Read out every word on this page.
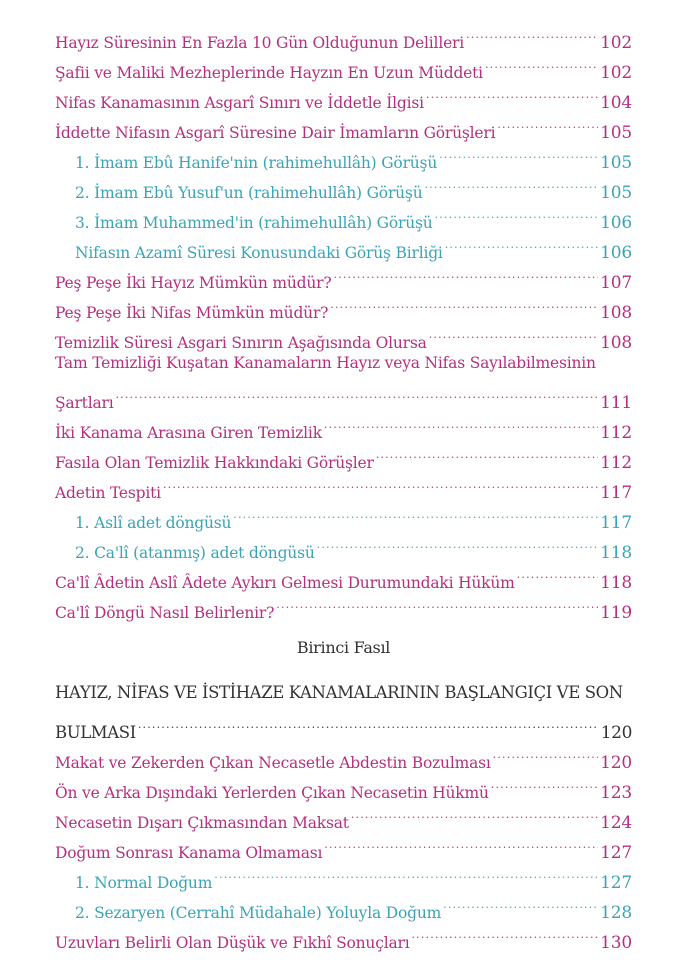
Hayız Süresinin En Fazla 10 Gün Olduğunun Delilleri .....	102
Şafii ve Maliki Mezheplerinde Hayzın En Uzun Müddeti .....	102
Nifas Kanamasının Asgarî Sınırı ve İddetle İlgisi .....	104
İddette Nifasın Asgarî Süresine Dair İmamların Görüşleri .....	105
1. İmam Ebû Hanife'nin (rahimehullâh) Görüşü .....	105
2. İmam Ebû Yusuf'un (rahimehullâh) Görüşü .....	105
3. İmam Muhammed'in (rahimehullâh) Görüşü .....	106
Nifasın Azamî Süresi Konusundaki Görüş Birliği .....	106
Peş Peşe İki Hayız Mümkün müdür? .....	107
Peş Peşe İki Nifas Mümkün müdür? .....	108
Temizlik Süresi Asgari Sınırın Aşağısında Olursa .....	108
Tam Temizliği Kuşatan Kanamaların Hayız veya Nifas Sayılabilmesinin
Şartları .....	111
İki Kanama Arasına Giren Temizlik .....	112
Fasıla Olan Temizlik Hakkındaki Görüşler .....	112
Adetin Tespiti .....	117
1. Aslî adet döngüsü .....	117
2. Ca'lî (atanmış) adet döngüsü .....	118
Ca'lî Âdetin Aslî Âdete Aykırı Gelmesi Durumundaki Hüküm .....	118
Ca'lî Döngü Nasıl Belirlenir? .....	119
Birinci Fasıl
HAYIZ, NİFAS VE İSTİHAZE KANAMALARININ BAŞLANGIÇI VE SON
BULMASI .....	120
Makat ve Zekerden Çıkan Necasetle Abdestin Bozulması .....	120
Ön ve Arka Dışındaki Yerlerden Çıkan Necasetin Hükmü .....	123
Necasetin Dışarı Çıkmasından Maksat .....	124
Doğum Sonrası Kanama Olmaması .....	127
1. Normal Doğum .....	127
2. Sezaryen (Cerrahî Müdahale) Yoluyla Doğum .....	128
Uzuvları Belirli Olan Düşük ve Fıkhî Sonuçları .....	130
